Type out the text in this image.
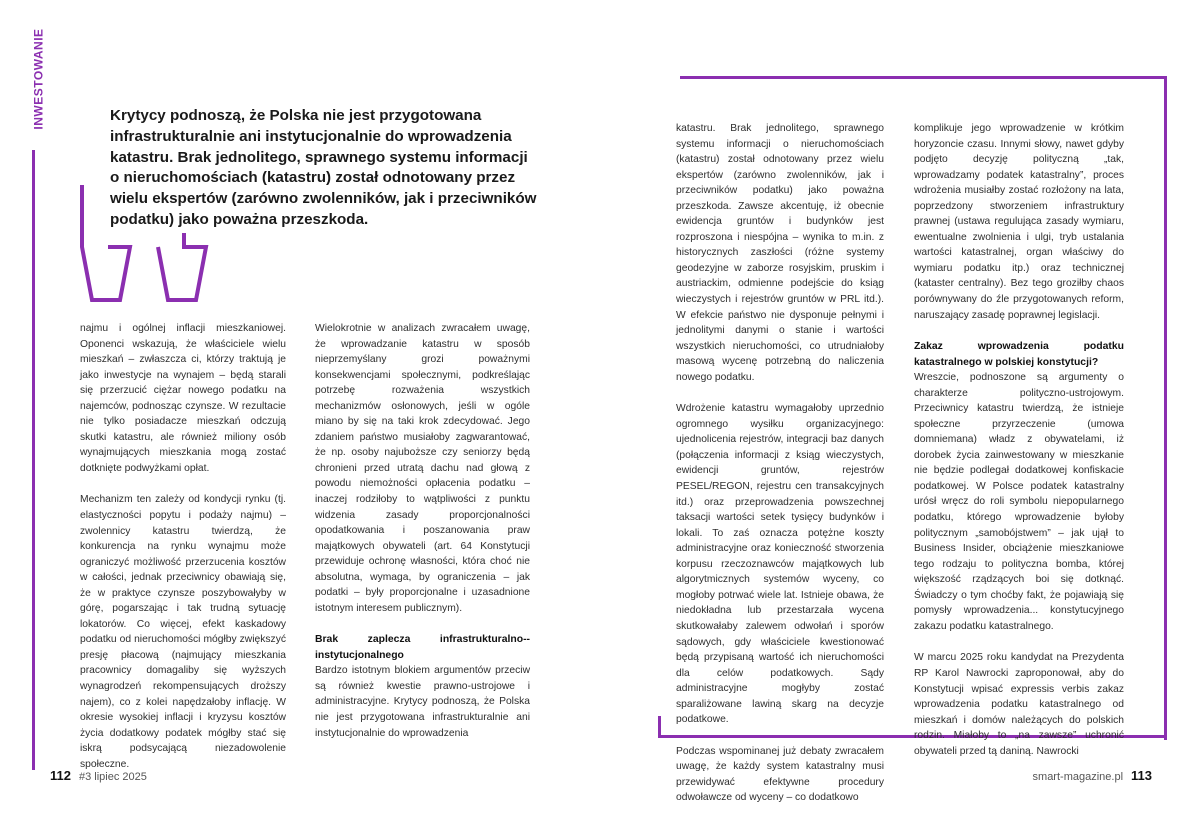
INWESTOWANIE	Krytycy podnoszą, że Polska nie jest przygotowana infrastrukturalnie ani instytucjonalnie do wprowadzenia katastru. Brak jednolitego, sprawnego systemu informacji o nieruchomościach (katastru) został odnotowany przez wielu ekspertów (zarówno zwolenników, jak i przeciwników podatku) jako poważna przeszkoda.

najmu i ogólnej inflacji mieszkaniowej. Oponenci wskazują, że właściciele wielu mieszkań – zwłaszcza ci, którzy traktują je jako inwestycje na wynajem – będą starali się przerzucić ciężar nowego podatku na najemców, podnosząc czynsze. W rezultacie nie tylko posiadacze mieszkań odczują skutki katastru, ale również miliony osób wynajmujących mieszkania mogą zostać dotknięte podwyżkami opłat.

Mechanizm ten zależy od kondycji rynku (tj. elastyczności popytu i podaży najmu) – zwolennicy katastru twierdzą, że konkurencja na rynku wynajmu może ograniczyć możliwość przerzucenia kosztów w całości, jednak przeciwnicy obawiają się, że w praktyce czynsze poszybowałyby w górę, pogarszając i tak trudną sytuację lokatorów. Co więcej, efekt kaskadowy podatku od nieruchomości mógłby zwiększyć presję płacową (najmujący mieszkania pracownicy domagaliby się wyższych wynagrodzeń rekompensujących droższy najem), co z kolei napędzałoby inflację. W okresie wysokiej inflacji i kryzysu kosztów życia dodatkowy podatek mógłby stać się iskrą podsycającą niezadowolenie społeczne.

Wielokrotnie w analizach zwracałem uwagę, że wprowadzanie katastru w sposób nieprzemyślany grozi poważnymi konsekwencjami społecznymi, podkreślając potrzebę rozważenia wszystkich mechanizmów osłonowych, jeśli w ogóle miano by się na taki krok zdecydować. Jego zdaniem państwo musiałoby zagwarantować, że np. osoby najuboższe czy seniorzy będą chronieni przed utratą dachu nad głową z powodu niemożności opłacenia podatku – inaczej rodziłoby to wątpliwości z punktu widzenia zasady proporcjonalności opodatkowania i poszanowania praw majątkowych obywateli (art. 64 Konstytucji przewiduje ochronę własności, która choć nie absolutna, wymaga, by ograniczenia – jak podatki – były proporcjonalne i uzasadnione istotnym interesem publicznym).

Brak zaplecza infrastrukturalno--instytucjonalnego

Bardzo istotnym blokiem argumentów przeciw są również kwestie prawno-ustrojowe i administracyjne. Krytycy podnoszą, że Polska nie jest przygotowana infrastrukturalnie ani instytucjonalnie do wprowadzenia

katastru. Brak jednolitego, sprawnego systemu informacji o nieruchomościach (katastru) został odnotowany przez wielu ekspertów (zarówno zwolenników, jak i przeciwników podatku) jako poważna przeszkoda. Zawsze akcentuję, iż obecnie ewidencja gruntów i budynków jest rozproszona i niespójna – wynika to m.in. z historycznych zaszłości (różne systemy geodezyjne w zaborze rosyjskim, pruskim i austriackim, odmienne podejście do ksiąg wieczystych i rejestrów gruntów w PRL itd.). W efekcie państwo nie dysponuje pełnymi i jednolitymi danymi o stanie i wartości wszystkich nieruchomości, co utrudniałoby masową wycenę potrzebną do naliczenia nowego podatku.

Wdrożenie katastru wymagałoby uprzednio ogromnego wysiłku organizacyjnego: ujednolicenia rejestrów, integracji baz danych (połączenia informacji z ksiąg wieczystych, ewidencji gruntów, rejestrów PESEL/REGON, rejestru cen transakcyjnych itd.) oraz przeprowadzenia powszechnej taksacji wartości setek tysięcy budynków i lokali. To zaś oznacza potężne koszty administracyjne oraz konieczność stworzenia korpusu rzeczoznawców majątkowych lub algorytmicznych systemów wyceny, co mogłoby potrwać wiele lat. Istnieje obawa, że niedokładna lub przestarzała wycena skutkowałaby zalewem odwołań i sporów sądowych, gdy właściciele kwestionować będą przypisaną wartość ich nieruchomości dla celów podatkowych. Sądy administracyjne mogłyby zostać sparaliżowane lawiną skarg na decyzje podatkowe.

Podczas wspominanej już debaty zwracałem uwagę, że każdy system katastralny musi przewidywać efektywne procedury odwoławcze od wyceny – co dodatkowo

komplikuje jego wprowadzenie w krótkim horyzoncie czasu. Innymi słowy, nawet gdyby podjęto decyzję polityczną „tak, wprowadzamy podatek katastralny”, proces wdrożenia musiałby zostać rozłożony na lata, poprzedzony stworzeniem infrastruktury prawnej (ustawa regulująca zasady wymiaru, ewentualne zwolnienia i ulgi, tryb ustalania wartości katastralnej, organ właściwy do wymiaru podatku itp.) oraz technicznej (kataster centralny). Bez tego groziłby chaos porównywany do źle przygotowanych reform, naruszający zasadę poprawnej legislacji.

Zakaz wprowadzenia podatku katastralnego w polskiej konstytucji?

Wreszcie, podnoszone są argumenty o charakterze polityczno-ustrojowym. Przeciwnicy katastru twierdzą, że istnieje społeczne przyrzeczenie (umowa domniemana) władz z obywatelami, iż dorobek życia zainwestowany w mieszkanie nie będzie podlegał dodatkowej konfiskacie podatkowej. W Polsce podatek katastralny urósł wręcz do roli symbolu niepopularnego podatku, którego wprowadzenie byłoby politycznym „samobójstwem” – jak ujął to Business Insider, obciążenie mieszkaniowe tego rodzaju to polityczna bomba, której większość rządzących boi się dotknąć. Świadczy o tym choćby fakt, że pojawiają się pomysły wprowadzenia... konstytucyjnego zakazu podatku katastralnego.

W marcu 2025 roku kandydat na Prezydenta RP Karol Nawrocki zaproponował, aby do Konstytucji wpisać expressis verbis zakaz wprowadzenia podatku katastralnego od mieszkań i domów należących do polskich rodzin. Miałoby to „na zawsze” uchronić obywateli przed tą daniną. Nawrocki

112 #3 lipiec 2025	smart-magazine.pl 113
